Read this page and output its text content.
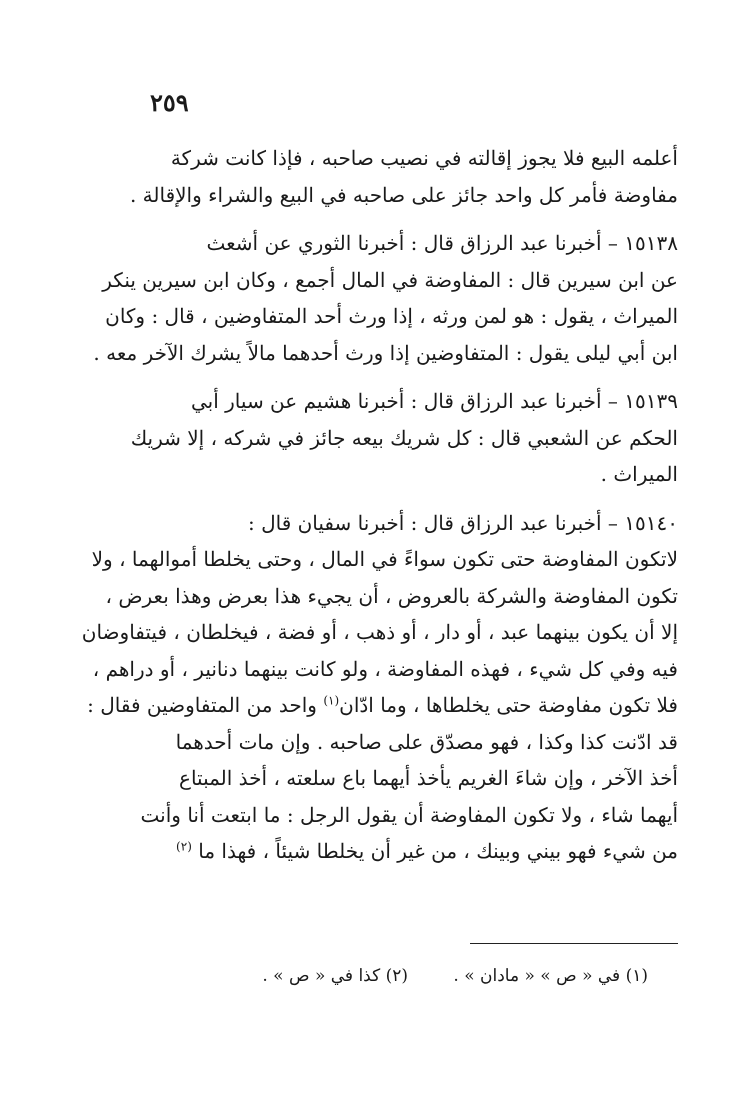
٢٥٩
أعلمه البيع فلا يجوز إقالته في نصيب صاحبه ، فإذا كانت شركة
مفاوضة فأمر كل واحد جائز على صاحبه في البيع والشراء والإقالة .
١٥١٣٨ – أخبرنا عبد الرزاق قال : أخبرنا الثوري عن أشعث
عن ابن سيرين قال : المفاوضة في المال أجمع ، وكان ابن سيرين ينكر
الميراث ، يقول : هو لمن ورثه ، إذا ورث أحد المتفاوضين ، قال : وكان
ابن أبي ليلى يقول : المتفاوضين إذا ورث أحدهما مالاً يشرك الآخر معه .
١٥١٣٩ – أخبرنا عبد الرزاق قال : أخبرنا هشيم عن سيار أبي
الحكم عن الشعبي قال : كل شريك بيعه جائز في شركه ، إلا شريك
الميراث .
١٥١٤٠ – أخبرنا عبد الرزاق قال : أخبرنا سفيان قال :
لاتكون المفاوضة حتى تكون سواءً في المال ، وحتى يخلطا أموالهما ، ولا
تكون المفاوضة والشركة بالعروض ، أن يجيء هذا بعرض وهذا بعرض ،
إلا أن يكون بينهما عبد ، أو دار ، أو ذهب ، أو فضة ، فيخلطان ، فيتفاوضان
فيه وفي كل شيء ، فهذه المفاوضة ، ولو كانت بينهما دنانير ، أو دراهم ،
فلا تكون مفاوضة حتى يخلطاها ، وما ادّان$^{(١)}$ واحد من المتفاوضين فقال :
قد ادّنت كذا وكذا ، فهو مصدّق على صاحبه . وإن مات أحدهما
أخذ الآخر ، وإن شاءَ الغريم يأخذ أيهما باع سلعته ، أخذ المبتاع
أيهما شاء ، ولا تكون المفاوضة أن يقول الرجل : ما ابتعت أنا وأنت
من شيء فهو بيني وبينك ، من غير أن يخلطا شيئاً ، فهذا ما $^{(٢)}$
(١) في « ص » « مادان » . (٢) كذا في « ص » .
